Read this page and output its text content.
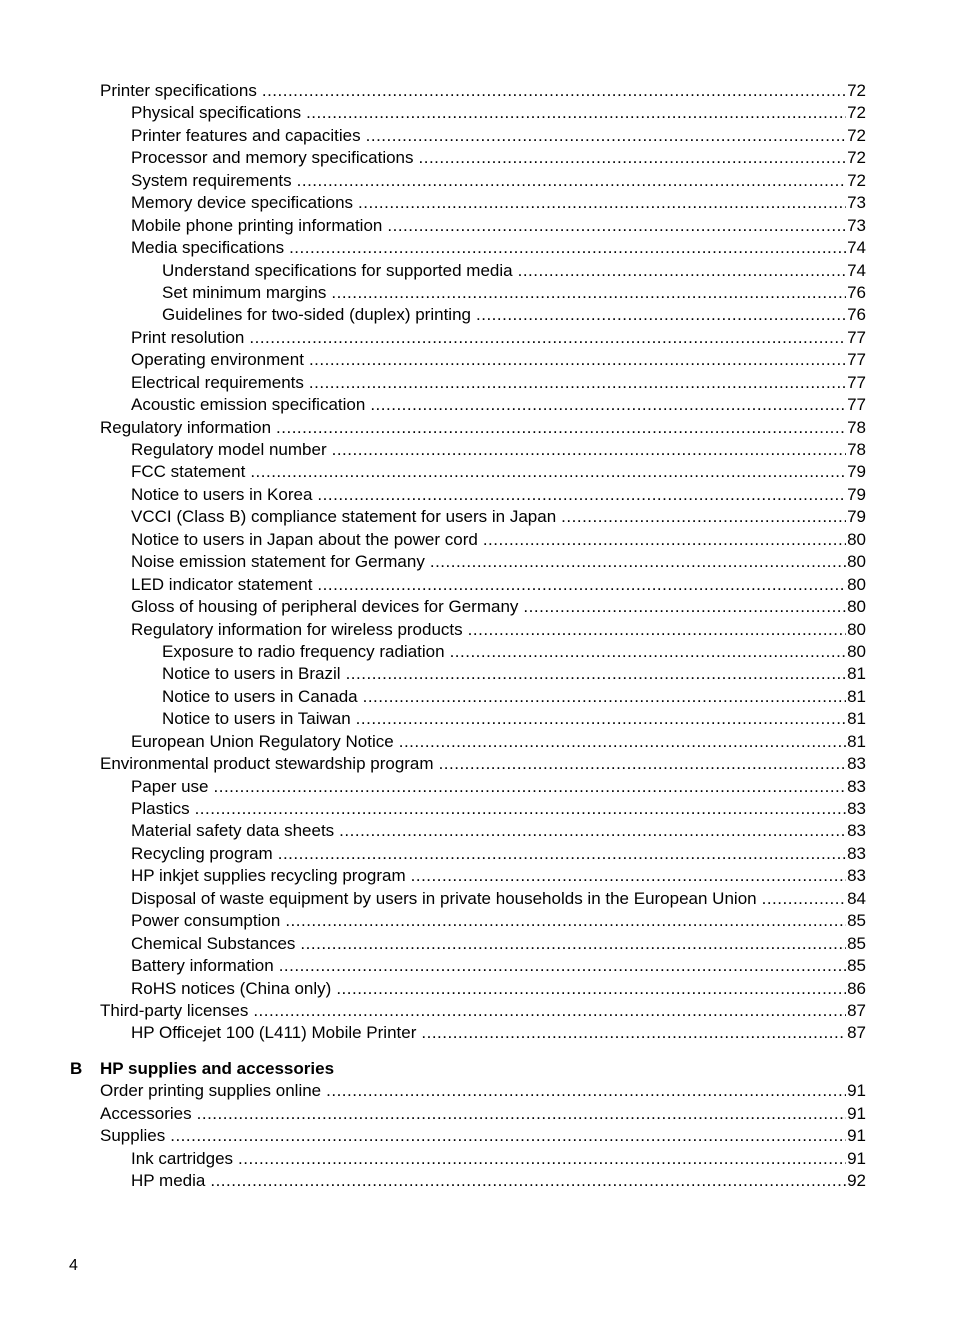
Printer specifications .....	72
Physical specifications .....	72
Printer features and capacities .....	72
Processor and memory specifications .....	72
System requirements .....	72
Memory device specifications .....	73
Mobile phone printing information .....	73
Media specifications .....	74
Understand specifications for supported media .....	74
Set minimum margins .....	76
Guidelines for two-sided (duplex) printing .....	76
Print resolution .....	77
Operating environment .....	77
Electrical requirements .....	77
Acoustic emission specification .....	77
Regulatory information .....	78
Regulatory model number .....	78
FCC statement .....	79
Notice to users in Korea .....	79
VCCI (Class B) compliance statement for users in Japan .....	79
Notice to users in Japan about the power cord .....	80
Noise emission statement for Germany .....	80
LED indicator statement .....	80
Gloss of housing of peripheral devices for Germany .....	80
Regulatory information for wireless products .....	80
Exposure to radio frequency radiation .....	80
Notice to users in Brazil .....	81
Notice to users in Canada .....	81
Notice to users in Taiwan .....	81
European Union Regulatory Notice .....	81
Environmental product stewardship program .....	83
Paper use .....	83
Plastics .....	83
Material safety data sheets .....	83
Recycling program .....	83
HP inkjet supplies recycling program .....	83
Disposal of waste equipment by users in private households in the European Union .....	84
Power consumption .....	85
Chemical Substances .....	85
Battery information .....	85
RoHS notices (China only) .....	86
Third-party licenses .....	87
HP Officejet 100 (L411) Mobile Printer .....	87
B HP supplies and accessories
Order printing supplies online .....	91
Accessories .....	91
Supplies .....	91
Ink cartridges .....	91
HP media .....	92
4
